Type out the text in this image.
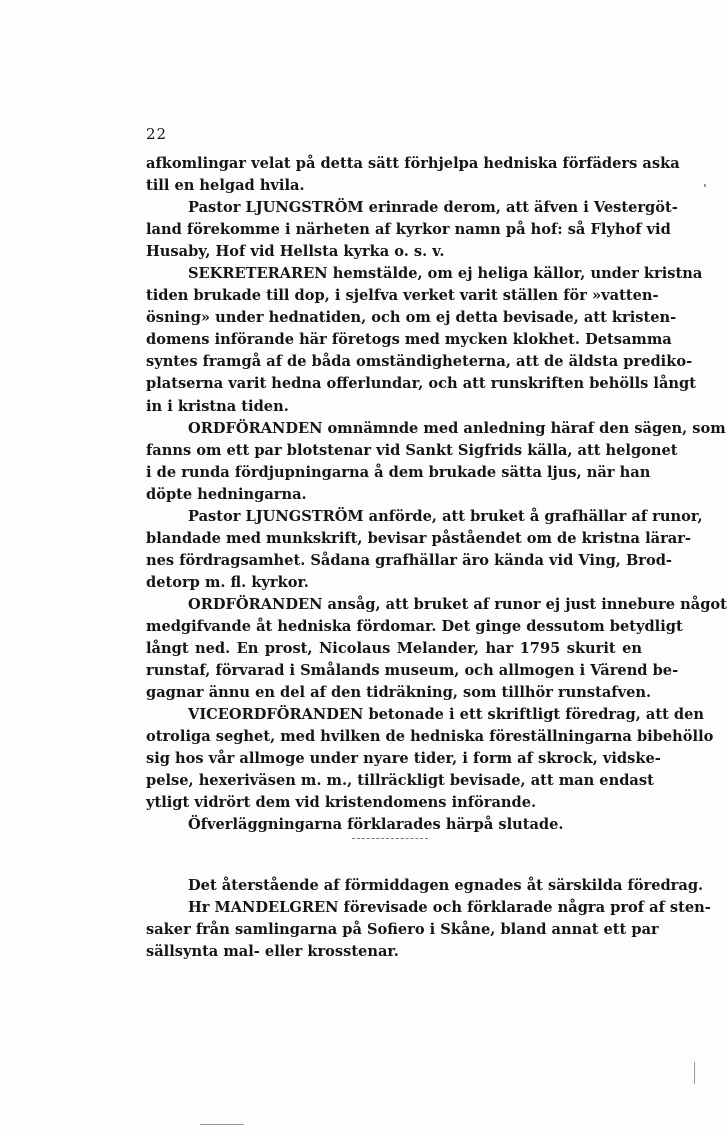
22
afkomlingar velat på detta sätt förhjelpa hedniska förfäders aska
till en helgad hvila.
Pastor LJUNGSTRÖM erinrade derom, att äfven i Vestergöt-
land förekomme i närheten af kyrkor namn på hof: så Flyhof vid
Husaby, Hof vid Hellsta kyrka o. s. v.
SEKRETERAREN hemstälde, om ej heliga källor, under kristna
tiden brukade till dop, i sjelfva verket varit ställen för »vatten-
ösning» under hednatiden, och om ej detta bevisade, att kristen-
domens införande här företogs med mycken klokhet. Detsamma
syntes framgå af de båda omständigheterna, att de äldsta prediko-
platserna varit hedna offerlundar, och att runskriften behölls långt
in i kristna tiden.
ORDFÖRANDEN omnämnde med anledning häraf den sägen, som
fanns om ett par blotstenar vid Sankt Sigfrids källa, att helgonet
i de runda fördjupningarna å dem brukade sätta ljus, när han
döpte hedningarna.
Pastor LJUNGSTRÖM anförde, att bruket å grafhällar af runor,
blandade med munkskrift, bevisar påståendet om de kristna lärar-
nes fördragsamhet. Sådana grafhällar äro kända vid Ving, Brod-
detorp m. fl. kyrkor.
ORDFÖRANDEN ansåg, att bruket af runor ej just innebure något
medgifvande åt hedniska fördomar. Det ginge dessutom betydligt
långt ned. En prost, Nicolaus Melander, har 1795 skurit en
runstaf, förvarad i Smålands museum, och allmogen i Värend be-
gagnar ännu en del af den tidräkning, som tillhör runstafven.
VICEORDFÖRANDEN betonade i ett skriftligt föredrag, att den
otroliga seghet, med hvilken de hedniska föreställningarna bibehöllo
sig hos vår allmoge under nyare tider, i form af skrock, vidske-
pelse, hexeriväsen m. m., tillräckligt bevisade, att man endast
ytligt vidrört dem vid kristendomens införande.
Öfverläggningarna förklarades härpå slutade.
Det återstående af förmiddagen egnades åt särskilda föredrag.
Hr MANDELGREN förevisade och förklarade några prof af sten-
saker från samlingarna på Sofiero i Skåne, bland annat ett par
sällsynta mal- eller krosstenar.
